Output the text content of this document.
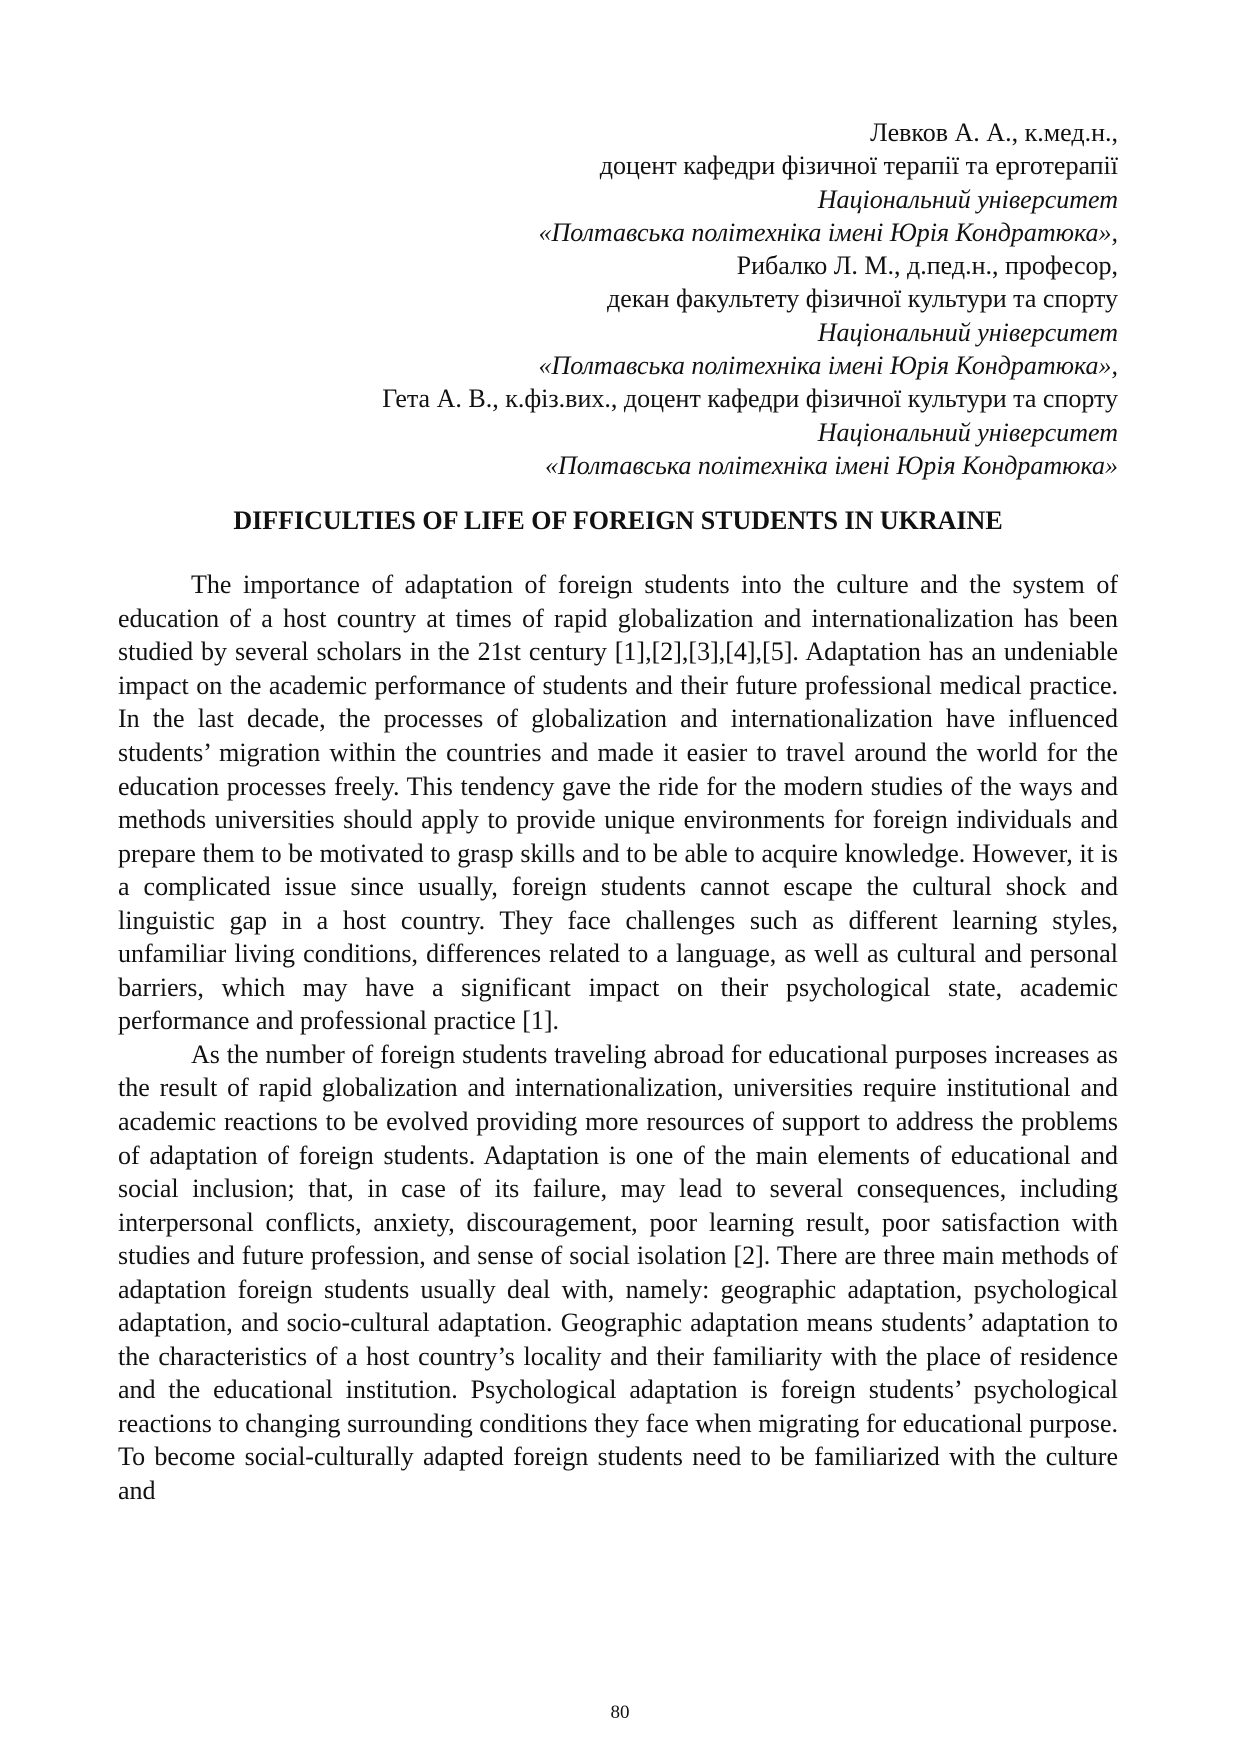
Левков А. А., к.мед.н.,
доцент кафедри фізичної терапії та ерготерапії
Національний університет
«Полтавська політехніка імені Юрія Кондратюка»,
Рибалко Л. М., д.пед.н., професор,
декан факультету фізичної культури та спорту
Національний університет
«Полтавська політехніка імені Юрія Кондратюка»,
Гета А. В., к.фіз.вих., доцент кафедри фізичної культури та спорту
Національний університет
«Полтавська політехніка імені Юрія Кондратюка»
DIFFICULTIES OF LIFE OF FOREIGN STUDENTS IN UKRAINE

The importance of adaptation of foreign students into the culture and the system of education of a host country at times of rapid globalization and internationalization has been studied by several scholars in the 21st century [1],[2],[3],[4],[5]. Adaptation has an undeniable impact on the academic performance of students and their future professional medical practice. In the last decade, the processes of globalization and internationalization have influenced students’ migration within the countries and made it easier to travel around the world for the education processes freely. This tendency gave the ride for the modern studies of the ways and methods universities should apply to provide unique environments for foreign individuals and prepare them to be motivated to grasp skills and to be able to acquire knowledge. However, it is a complicated issue since usually, foreign students cannot escape the cultural shock and linguistic gap in a host country. They face challenges such as different learning styles, unfamiliar living conditions, differences related to a language, as well as cultural and personal barriers, which may have a significant impact on their psychological state, academic performance and professional practice [1].

As the number of foreign students traveling abroad for educational purposes increases as the result of rapid globalization and internationalization, universities require institutional and academic reactions to be evolved providing more resources of support to address the problems of adaptation of foreign students. Adaptation is one of the main elements of educational and social inclusion; that, in case of its failure, may lead to several consequences, including interpersonal conflicts, anxiety, discouragement, poor learning result, poor satisfaction with studies and future profession, and sense of social isolation [2]. There are three main methods of adaptation foreign students usually deal with, namely: geographic adaptation, psychological adaptation, and socio-cultural adaptation. Geographic adaptation means students’ adaptation to the characteristics of a host country’s locality and their familiarity with the place of residence and the educational institution. Psychological adaptation is foreign students’ psychological reactions to changing surrounding conditions they face when migrating for educational purpose. To become social-culturally adapted foreign students need to be familiarized with the culture and

80
